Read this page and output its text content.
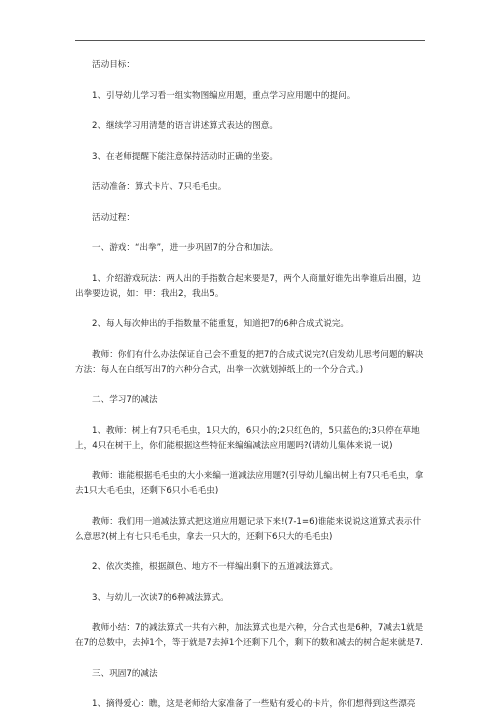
活动目标：

1、引导幼儿学习看一组实物图编应用题，重点学习应用题中的提问。

2、继续学习用清楚的语言讲述算式表达的图意。

3、在老师提醒下能注意保持活动时正确的坐姿。

活动准备：算式卡片、7只毛毛虫。

活动过程：

一、游戏：“出拳”，进一步巩固7的分合和加法。

1、介绍游戏玩法：两人出的手指数合起来要是7，两个人商量好谁先出拳谁后出圈，边出拳要边说，如：甲：我出2，我出5。

2、每人每次伸出的手指数量不能重复，知道把7的6种合成式说完。

教师：你们有什么办法保证自己会不重复的把7的合成式说完?(启发幼儿思考问题的解决方法：每人在白纸写出7的六种分合式，出拳一次就划掉纸上的一个分合式。)

二、学习7的减法

1、教师：树上有7只毛毛虫，1只大的，6只小的;2只红色的，5只蓝色的;3只停在草地上，4只在树干上，你们能根据这些特征来编编减法应用题吗?(请幼儿集体来说一说)

教师：谁能根据毛毛虫的大小来编一道减法应用题?(引导幼儿编出树上有7只毛毛虫，拿去1只大毛毛虫，还剩下6只小毛毛虫)

教师：我们用一道减法算式把这道应用题记录下来!(7-1=6)谁能来说说这道算式表示什么意思?(树上有七只毛毛虫，拿去一只大的，还剩下6只大的毛毛虫)

2、依次类推，根据颜色、地方不一样编出剩下的五道减法算式。

3、与幼儿一次读7的6种减法算式。

教师小结：7的减法算式一共有六种，加法算式也是六种，分合式也是6种，7减去1就是在7的总数中，去掉1个，等于就是7去掉1个还剩下几个，剩下的数和减去的树合起来就是7.

三、巩固7的减法

1、摘得爱心：瞧，这是老师给大家准备了一些贴有爱心的卡片，你们想得到这些漂亮
